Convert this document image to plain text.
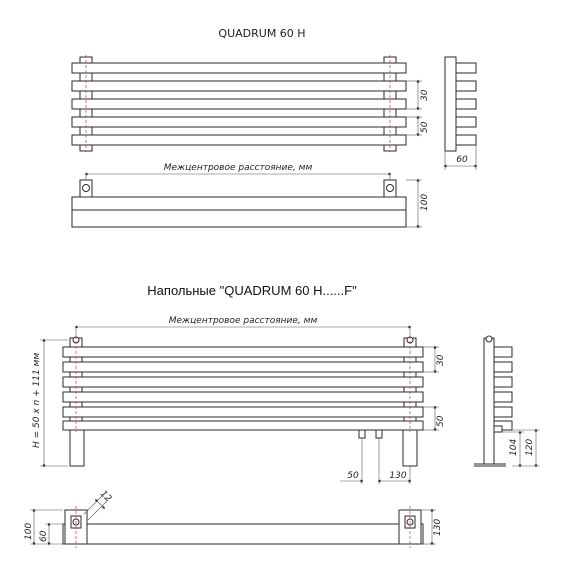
QUADRUM 60 H
30
50
60
Межцентровое расстояние, мм
100
Напольные "QUADRUM 60 H......F"
Межцентровое расстояние, мм
50	130
30
50
H = 50 x n + 111 мм	104 120
12
100 60
130
